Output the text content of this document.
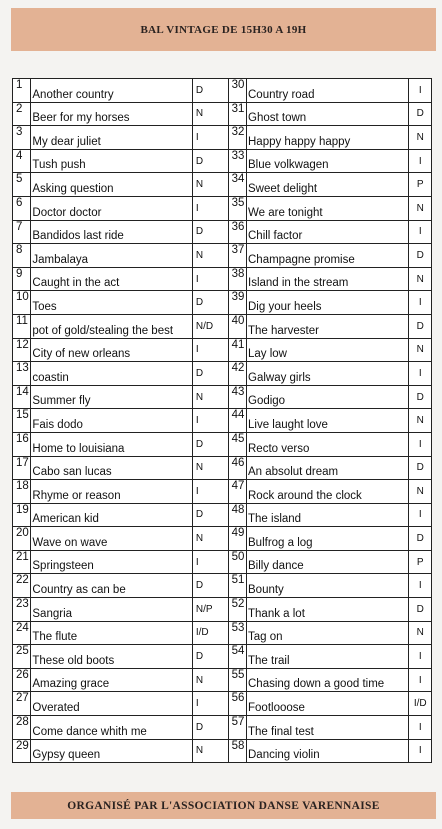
BAL VINTAGE DE 15H30 A 19H
1	Another country	D	30	Country road	I
2	Beer for my horses	N	31	Ghost town	D
3	My dear juliet	I	32	Happy happy happy	N
4	Tush push	D	33	Blue volkwagen	I
5	Asking question	N	34	Sweet delight	P
6	Doctor doctor	I	35	We are tonight	N
7	Bandidos last ride	D	36	Chill factor	I
8	Jambalaya	N	37	Champagne promise	D
9	Caught in the act	I	38	Island in the stream	N
10	Toes	D	39	Dig your heels	I
11	pot of gold/stealing the best	N/D	40	The harvester	D
12	City of new orleans	I	41	Lay low	N
13	coastin	D	42	Galway girls	I
14	Summer fly	N	43	Godigo	D
15	Fais dodo	I	44	Live laught love	N
16	Home to louisiana	D	45	Recto verso	I
17	Cabo san lucas	N	46	An absolut dream	D
18	Rhyme or reason	I	47	Rock around the clock	N
19	American kid	D	48	The island	I
20	Wave on wave	N	49	Bulfrog a log	D
21	Springsteen	I	50	Billy dance	P
22	Country as can be	D	51	Bounty	I
23	Sangria	N/P	52	Thank a lot	D
24	The flute	I/D	53	Tag on	N
25	These old boots	D	54	The trail	I
26	Amazing grace	N	55	Chasing down a good time	I
27	Overated	I	56	Footlooose	I/D
28	Come dance whith me	D	57	The final test	I
29	Gypsy queen	N	58	Dancing violin	I
ORGANISÉ PAR L'ASSOCIATION DANSE VARENNAISE
